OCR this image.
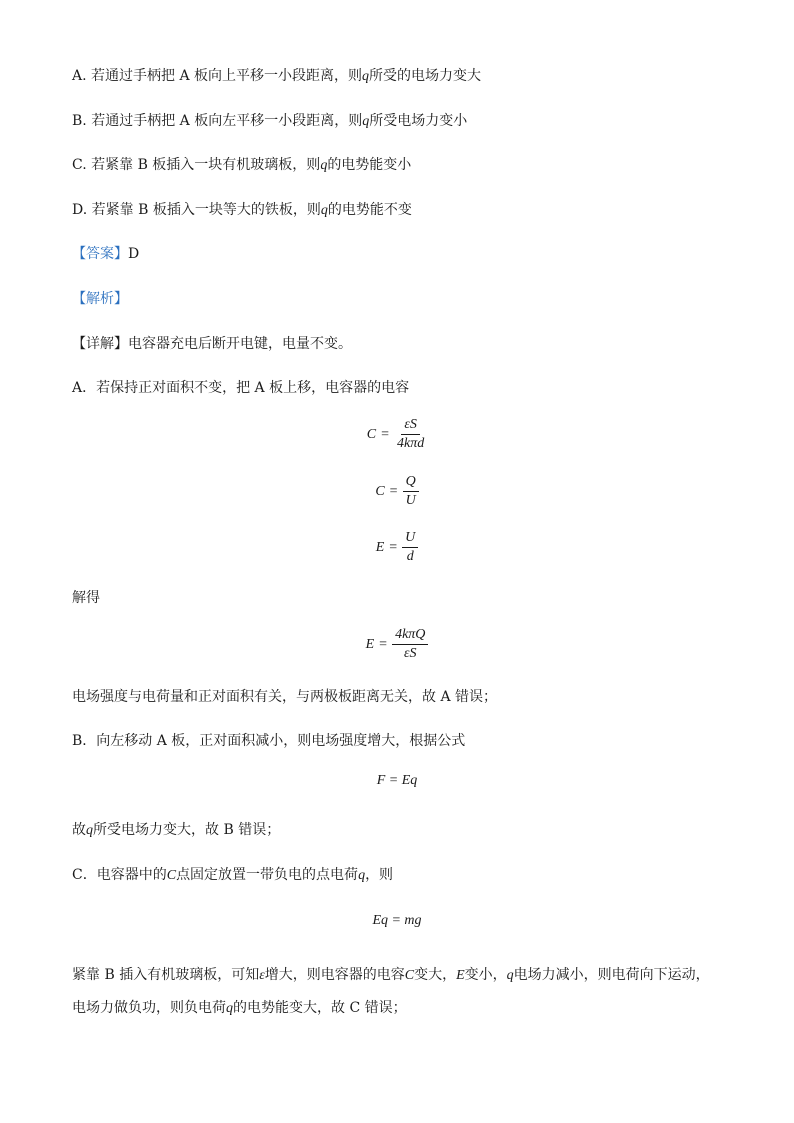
A. 若通过手柄把 A 板向上平移一小段距离，则q所受的电场力变大
B. 若通过手柄把 A 板向左平移一小段距离，则q所受电场力变小
C. 若紧靠 B 板插入一块有机玻璃板，则q的电势能变小
D. 若紧靠 B 板插入一块等大的铁板，则q的电势能不变
【答案】D
【解析】
【详解】电容器充电后断开电键，电量不变。
A．若保持正对面积不变，把 A 板上移，电容器的电容
$C = \frac{\varepsilon S}{\text{4kπd}}$
$C = \frac{Q}{U}$
$E = \frac{U}{d}$
解得
$E = \frac{\text{4kπQ}}{\varepsilon S}$
电场强度与电荷量和正对面积有关，与两极板距离无关，故 A 错误；
B．向左移动 A 板，正对面积减小，则电场强度增大，根据公式
F = Eq
故q所受电场力变大，故 B 错误；
C．电容器中的C点固定放置一带负电的点电荷q，则
Eq = mg
紧靠 B 插入有机玻璃板，可知ε增大，则电容器的电容C变大，E变小，q电场力减小，则电荷向下运动，
电场力做负功，则负电荷q的电势能变大，故 C 错误；
